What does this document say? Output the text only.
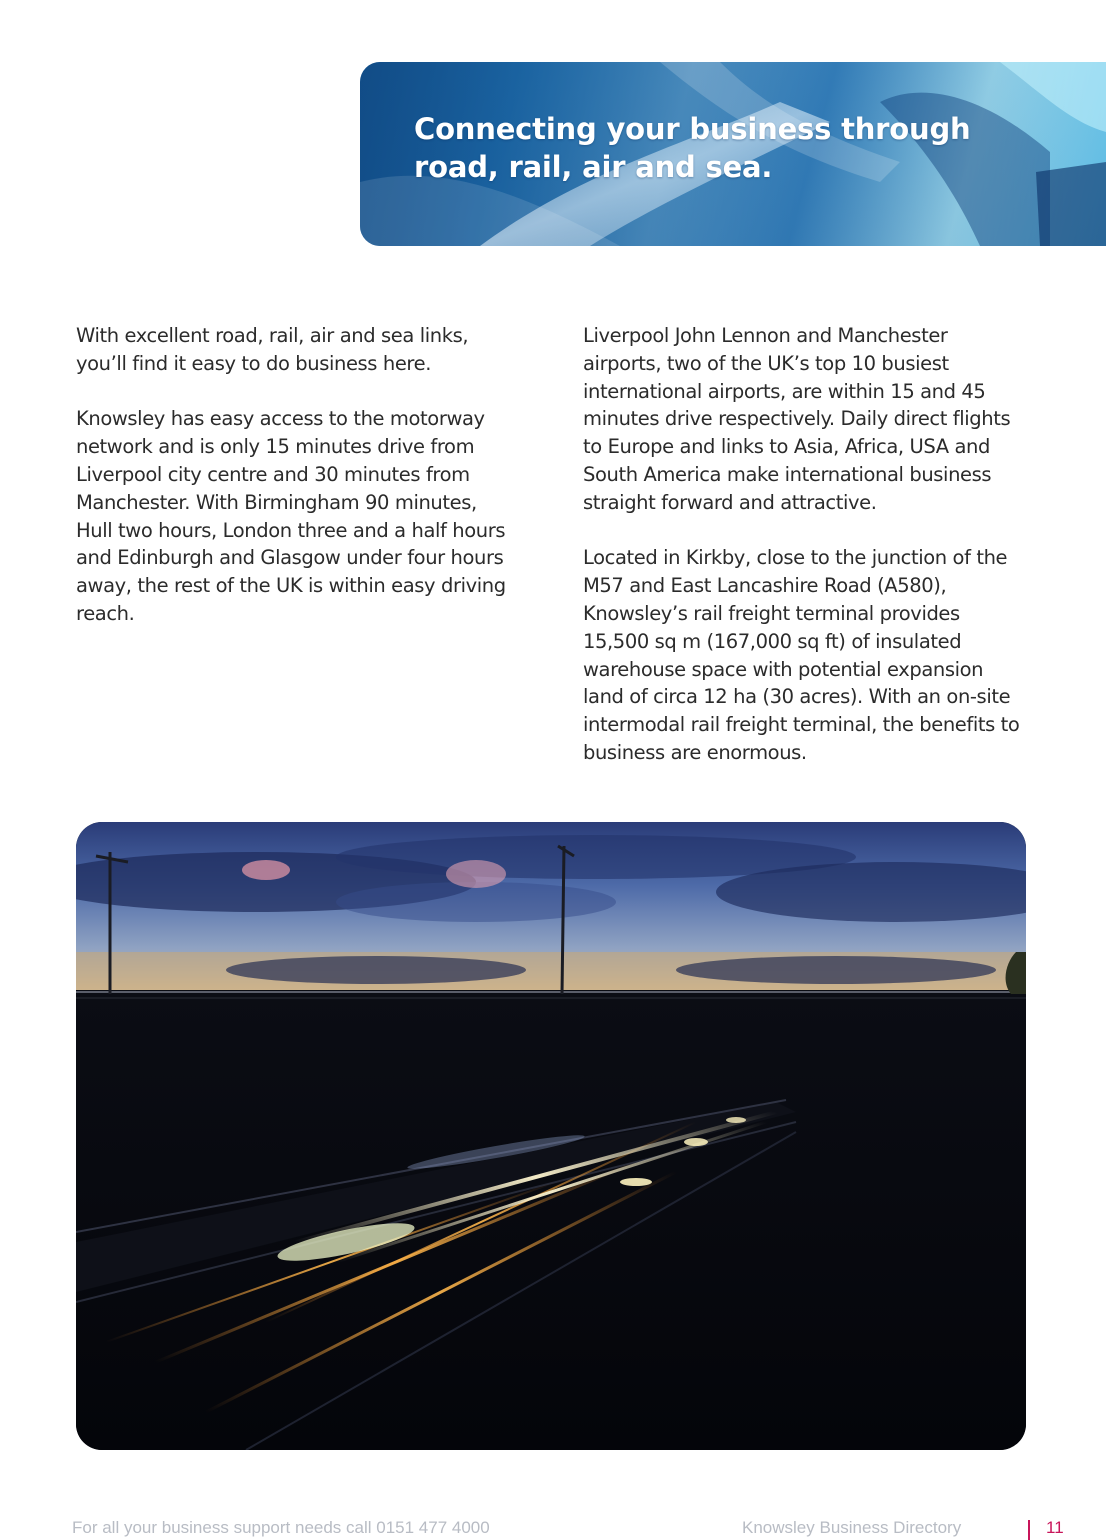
Connecting your business through
road, rail, air and sea.

With excellent road, rail, air and sea links, you’ll find it easy to do business here.

Knowsley has easy access to the motorway network and is only 15 minutes drive from Liverpool city centre and 30 minutes from Manchester. With Birmingham 90 minutes, Hull two hours, London three and a half hours and Edinburgh and Glasgow under four hours away, the rest of the UK is within easy driving reach.

Liverpool John Lennon and Manchester airports, two of the UK’s top 10 busiest international airports, are within 15 and 45 minutes drive respectively. Daily direct flights to Europe and links to Asia, Africa, USA and South America make international business straight forward and attractive.

Located in Kirkby, close to the junction of the M57 and East Lancashire Road (A580), Knowsley’s rail freight terminal provides 15,500 sq m (167,000 sq ft) of insulated warehouse space with potential expansion land of circa 12 ha (30 acres). With an on-site intermodal rail freight terminal, the benefits to business are enormous.

For all your business support needs call 0151 477 4000	Knowsley Business Directory	11
